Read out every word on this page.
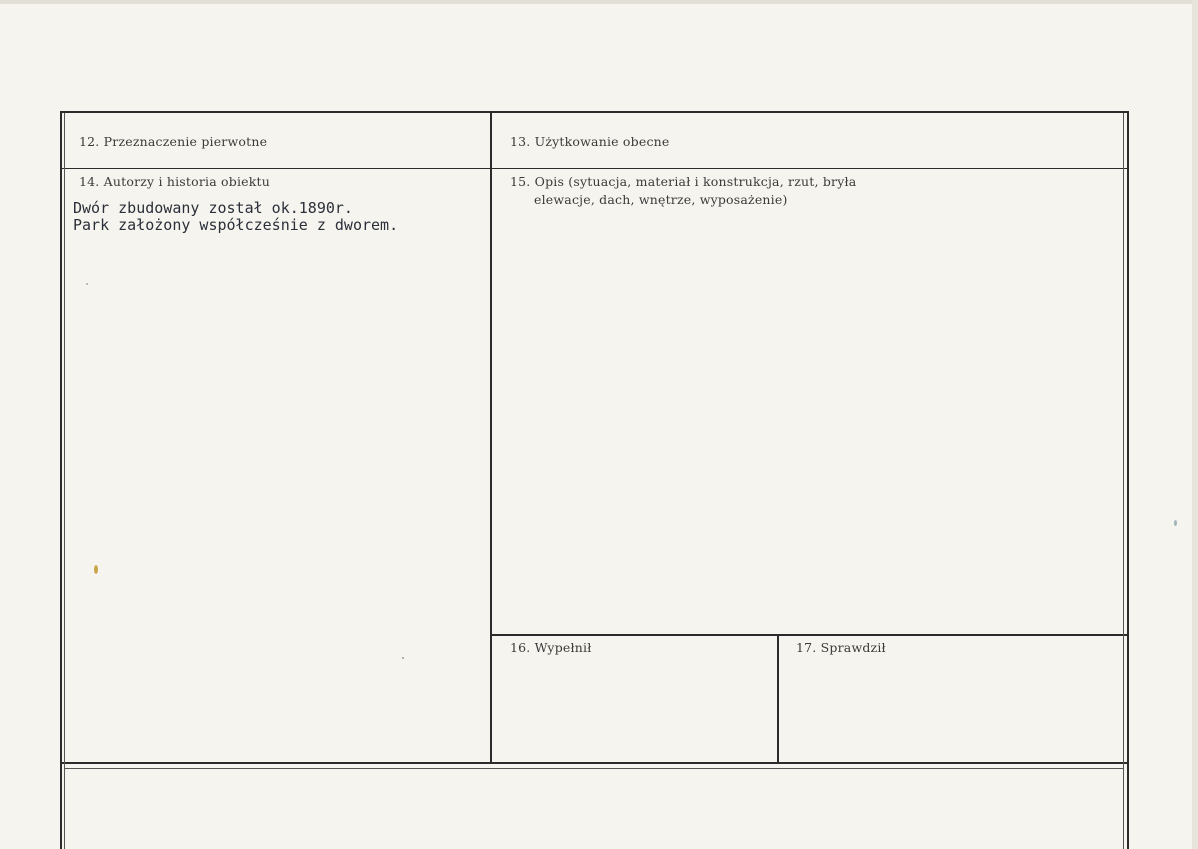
12. Przeznaczenie pierwotne	13. Użytkowanie obecne
14. Autorzy i historia obiektu	15. Opis (sytuacja, materiał i konstrukcja, rzut, bryła
elewacje, dach, wnętrze, wyposażenie)
16. Wypełnił	17. Sprawdził
Dwór zbudowany został ok.1890r.
Park założony współcześnie z dworem.
